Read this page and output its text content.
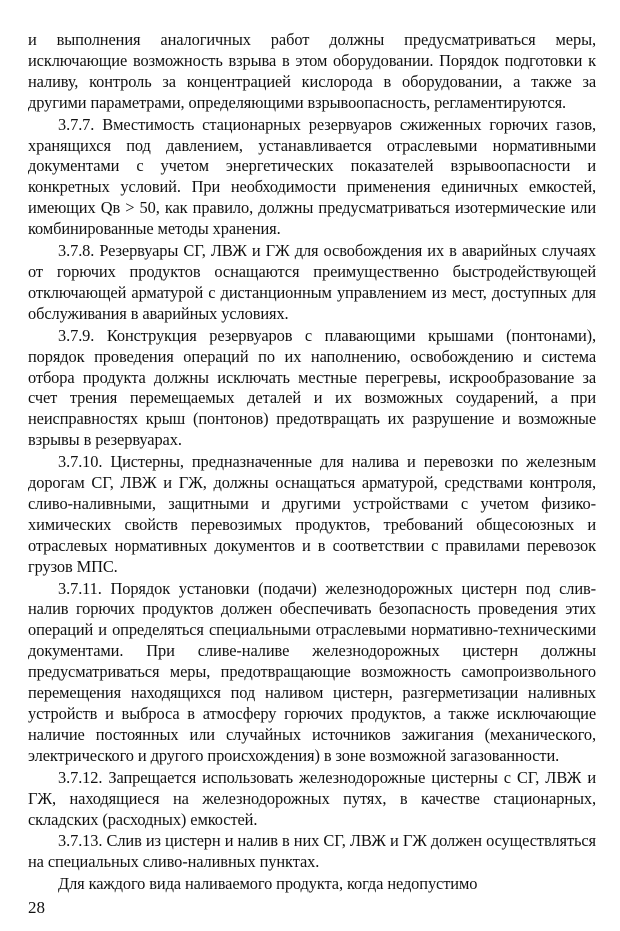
и выполнения аналогичных работ должны предусматриваться меры, исключающие возможность взрыва в этом оборудовании. Порядок подготовки к наливу, контроль за концентрацией кислорода в оборудовании, а также за другими параметрами, определяющими взрывоопасность, регламентируются.

3.7.7. Вместимость стационарных резервуаров сжиженных горючих газов, хранящихся под давлением, устанавливается отраслевыми нормативными документами с учетом энергетических показателей взрывоопасности и конкретных условий. При необходимости применения единичных емкостей, имеющих Qв > 50, как правило, должны предусматриваться изотермические или комбинированные методы хранения.

3.7.8. Резервуары СГ, ЛВЖ и ГЖ для освобождения их в аварийных случаях от горючих продуктов оснащаются преимущественно быстродействующей отключающей арматурой с дистанционным управлением из мест, доступных для обслуживания в аварийных условиях.

3.7.9. Конструкция резервуаров с плавающими крышами (понтонами), порядок проведения операций по их наполнению, освобождению и система отбора продукта должны исключать местные перегревы, искрообразование за счет трения перемещаемых деталей и их возможных соударений, а при неисправностях крыш (понтонов) предотвращать их разрушение и возможные взрывы в резервуарах.

3.7.10. Цистерны, предназначенные для налива и перевозки по железным дорогам СГ, ЛВЖ и ГЖ, должны оснащаться арматурой, средствами контроля, сливо-наливными, защитными и другими устройствами с учетом физико-химических свойств перевозимых продуктов, требований общесоюзных и отраслевых нормативных документов и в соответствии с правилами перевозок грузов МПС.

3.7.11. Порядок установки (подачи) железнодорожных цистерн под слив-налив горючих продуктов должен обеспечивать безопасность проведения этих операций и определяться специальными отраслевыми нормативно-техническими документами. При сливе-наливе железнодорожных цистерн должны предусматриваться меры, предотвращающие возможность самопроизвольного перемещения находящихся под наливом цистерн, разгерметизации наливных устройств и выброса в атмосферу горючих продуктов, а также исключающие наличие постоянных или случайных источников зажигания (механического, электрического и другого происхождения) в зоне возможной загазованности.

3.7.12. Запрещается использовать железнодорожные цистерны с СГ, ЛВЖ и ГЖ, находящиеся на железнодорожных путях, в качестве стационарных, складских (расходных) емкостей.

3.7.13. Слив из цистерн и налив в них СГ, ЛВЖ и ГЖ должен осуществляться на специальных сливо-наливных пунктах.

Для каждого вида наливаемого продукта, когда недопустимо

28
